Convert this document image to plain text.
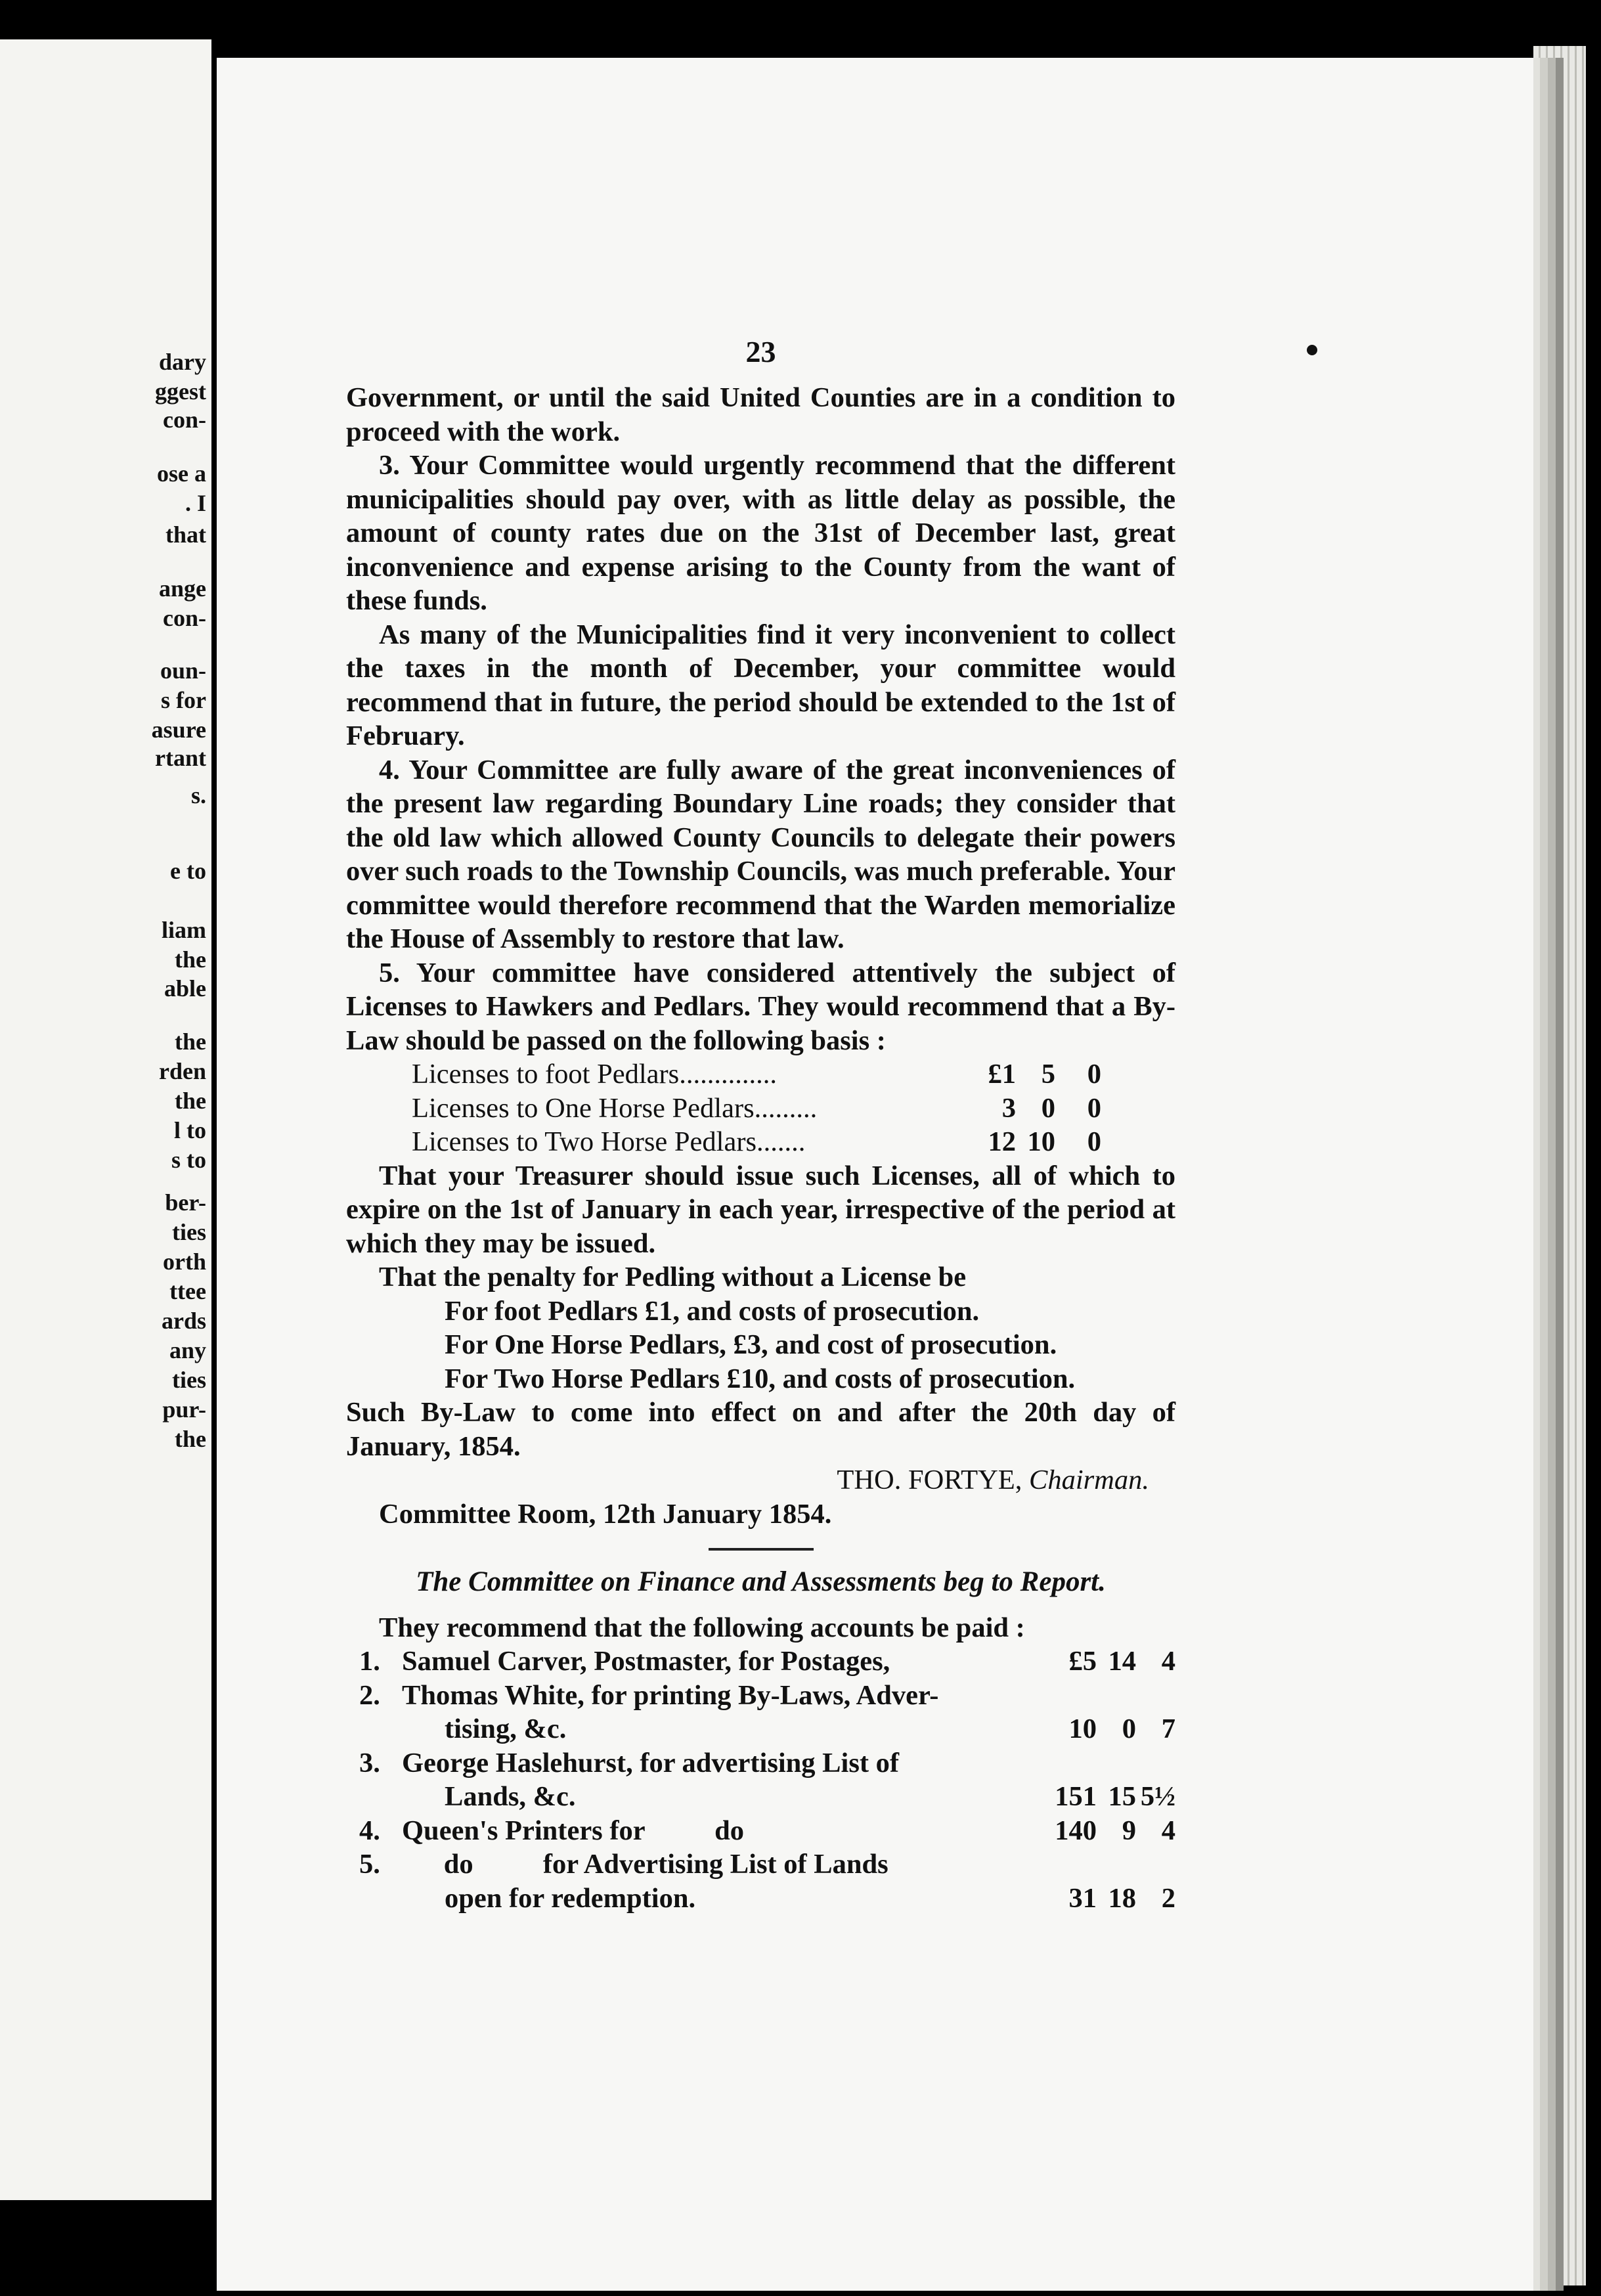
dary
ggest
con-
ose a
. I
that
ange
con-
oun-
s for
asure
rtant
s.
e to
liam
the
able
the
rden
the
l to
s to
ber-
ties
orth
ttee
ards
any
ties
pur-
the
23

Government, or until the said United Counties are in a condition to proceed with the work.

3. Your Committee would urgently recommend that the different municipalities should pay over, with as little delay as possible, the amount of county rates due on the 31st of December last, great inconvenience and expense arising to the County from the want of these funds.

As many of the Municipalities find it very inconvenient to collect the taxes in the month of December, your committee would recommend that in future, the period should be extended to the 1st of February.

4. Your Committee are fully aware of the great inconveniences of the present law regarding Boundary Line roads; they consider that the old law which allowed County Councils to delegate their powers over such roads to the Township Councils, was much preferable. Your committee would therefore recommend that the Warden memorialize the House of Assembly to restore that law.

5. Your committee have considered attentively the subject of Licenses to Hawkers and Pedlars. They would recommend that a By-Law should be passed on the following basis :

Licenses to foot Pedlars..............	£1 5	0
Licenses to One Horse Pedlars.........	3 0	0
Licenses to Two Horse Pedlars.......	12 10	0

That your Treasurer should issue such Licenses, all of which to expire on the 1st of January in each year, irrespective of the period at which they may be issued.

That the penalty for Pedling without a License be

For foot Pedlars £1, and costs of prosecution.
For One Horse Pedlars, £3, and cost of prosecution.
For Two Horse Pedlars £10, and costs of prosecution.

Such By-Law to come into effect on and after the 20th day of January, 1854.

THO. FORTYE, Chairman.
Committee Room, 12th January 1854.
The Committee on Finance and Assessments beg to Report.

They recommend that the following accounts be paid :

1. Samuel Carver, Postmaster, for Postages,	£5 14 4
2. Thomas White, for printing By-Laws, Adver-
tising, &c.	10 0 7
3. George Haslehurst, for advertising List of
Lands, &c.	151 15 5½
4. Queen's Printers for          do	140 9 4
5. do          for Advertising List of Lands
open for redemption.	31 18 2
